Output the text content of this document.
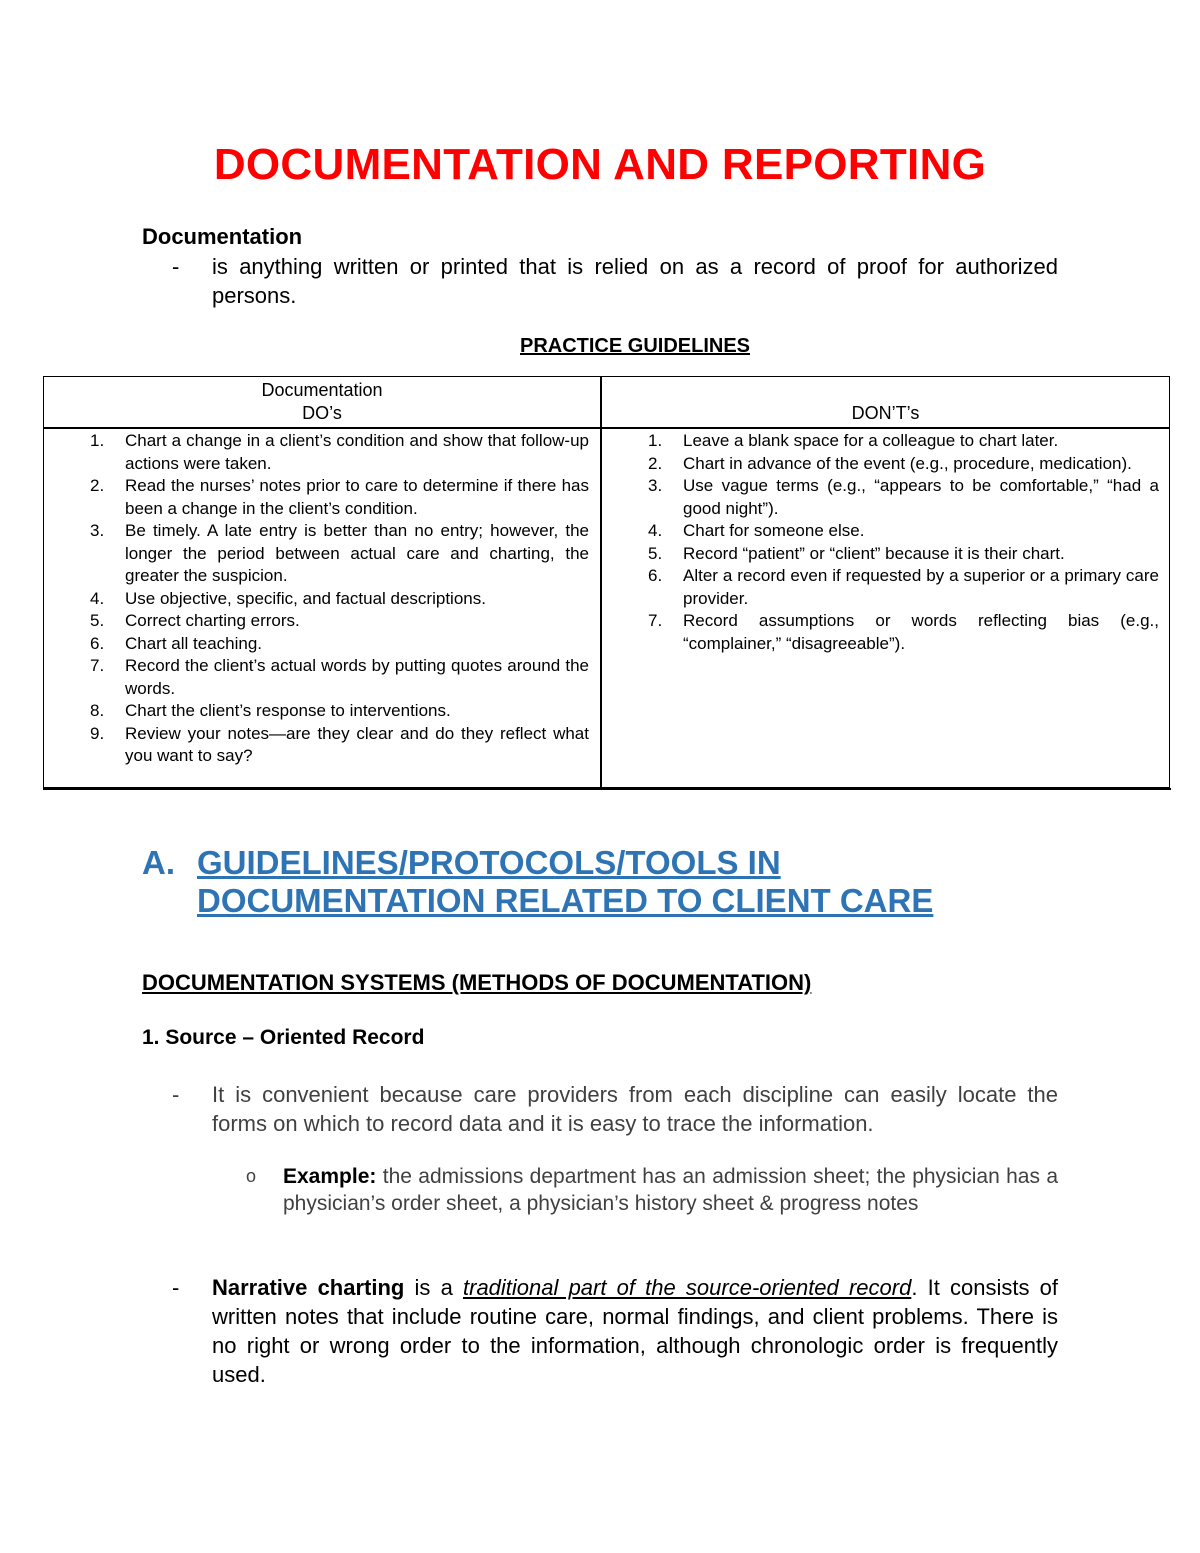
DOCUMENTATION AND REPORTING
Documentation
- is anything written or printed that is relied on as a record of proof for authorized persons.
PRACTICE GUIDELINES
Documentation
DO’s	DON’T’s
1. Chart a change in a client’s condition and show that follow-up actions were taken.
2. Read the nurses’ notes prior to care to determine if there has been a change in the client’s condition.
3. Be timely. A late entry is better than no entry; however, the longer the period between actual care and charting, the greater the suspicion.
4. Use objective, specific, and factual descriptions.
5. Correct charting errors.
6. Chart all teaching.
7. Record the client’s actual words by putting quotes around the words.
8. Chart the client’s response to interventions.
9. Review your notes—are they clear and do they reflect what you want to say?
1. Leave a blank space for a colleague to chart later.
2. Chart in advance of the event (e.g., procedure, medication).
3. Use vague terms (e.g., “appears to be comfortable,” “had a good night”).
4. Chart for someone else.
5. Record “patient” or “client” because it is their chart.
6. Alter a record even if requested by a superior or a primary care provider.
7. Record assumptions or words reflecting bias (e.g., “complainer,” “disagreeable”).
A. GUIDELINES/PROTOCOLS/TOOLS IN
DOCUMENTATION RELATED TO CLIENT CARE
DOCUMENTATION SYSTEMS (METHODS OF DOCUMENTATION)
1. Source – Oriented Record
- It is convenient because care providers from each discipline can easily locate the forms on which to record data and it is easy to trace the information.
o Example: the admissions department has an admission sheet; the physician has a physician’s order sheet, a physician’s history sheet & progress notes
- Narrative charting is a traditional part of the source-oriented record. It consists of written notes that include routine care, normal findings, and client problems. There is no right or wrong order to the information, although chronologic order is frequently used.
